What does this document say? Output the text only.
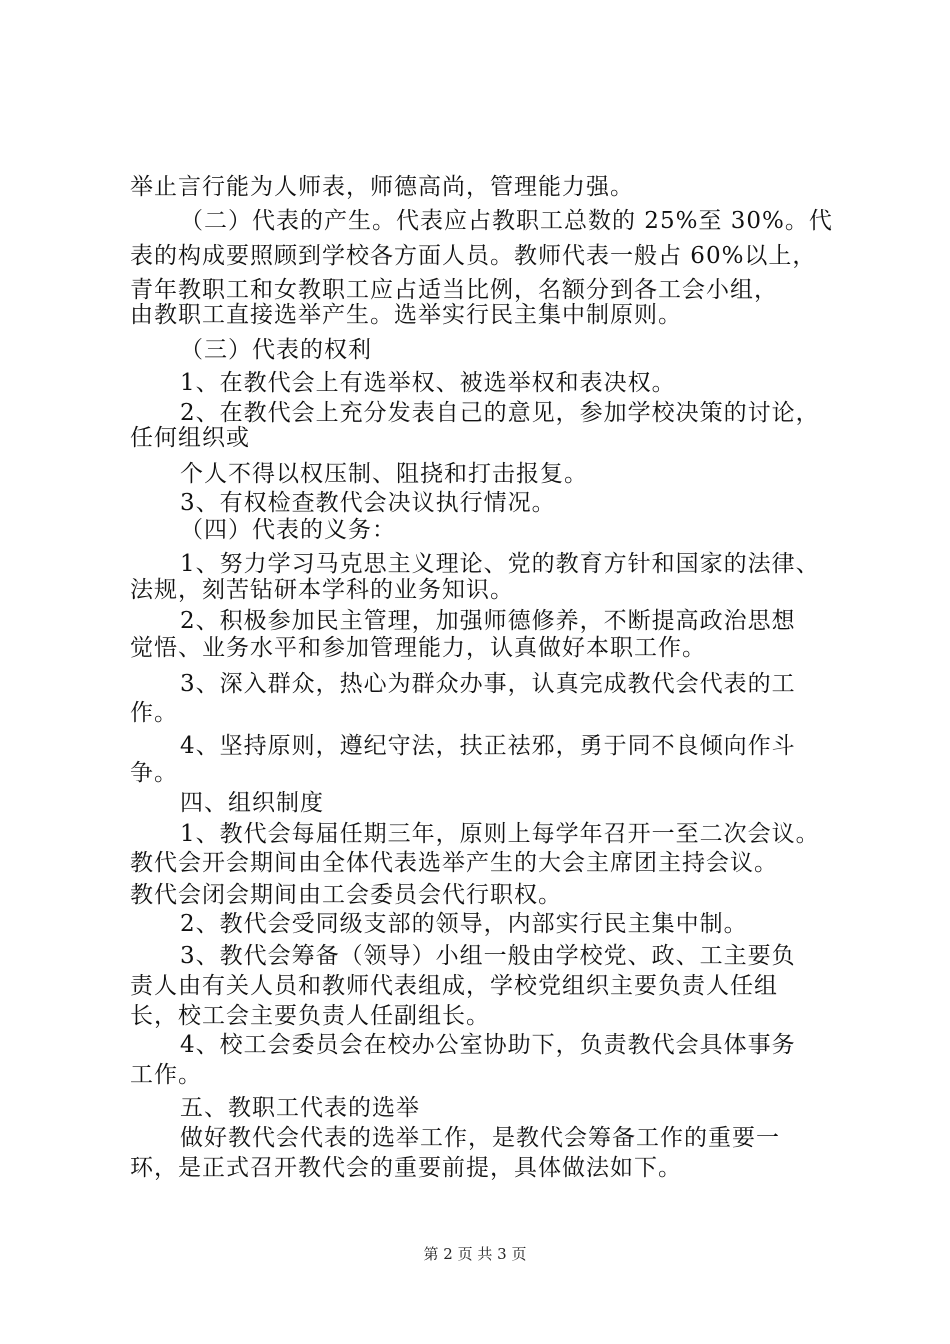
举止言行能为人师表，师德高尚，管理能力强。
（二）代表的产生。代表应占教职工总数的 25%至 30%。代
表的构成要照顾到学校各方面人员。教师代表一般占 60%以上，
青年教职工和女教职工应占适当比例，名额分到各工会小组，
由教职工直接选举产生。选举实行民主集中制原则。
（三）代表的权利
1、在教代会上有选举权、被选举权和表决权。
2、在教代会上充分发表自己的意见，参加学校决策的讨论，
任何组织或
个人不得以权压制、阻挠和打击报复。
3、有权检查教代会决议执行情况。
（四）代表的义务：
1、努力学习马克思主义理论、党的教育方针和国家的法律、
法规，刻苦钻研本学科的业务知识。
2、积极参加民主管理，加强师德修养，不断提高政治思想
觉悟、业务水平和参加管理能力，认真做好本职工作。
3、深入群众，热心为群众办事，认真完成教代会代表的工
作。
4、坚持原则，遵纪守法，扶正祛邪，勇于同不良倾向作斗
争。
四、组织制度
1、教代会每届任期三年，原则上每学年召开一至二次会议。
教代会开会期间由全体代表选举产生的大会主席团主持会议。
教代会闭会期间由工会委员会代行职权。
2、教代会受同级支部的领导，内部实行民主集中制。
3、教代会筹备（领导）小组一般由学校党、政、工主要负
责人由有关人员和教师代表组成，学校党组织主要负责人任组
长，校工会主要负责人任副组长。
4、校工会委员会在校办公室协助下，负责教代会具体事务
工作。
五、教职工代表的选举
做好教代会代表的选举工作，是教代会筹备工作的重要一
环，是正式召开教代会的重要前提，具体做法如下。
第 2 页 共 3 页
